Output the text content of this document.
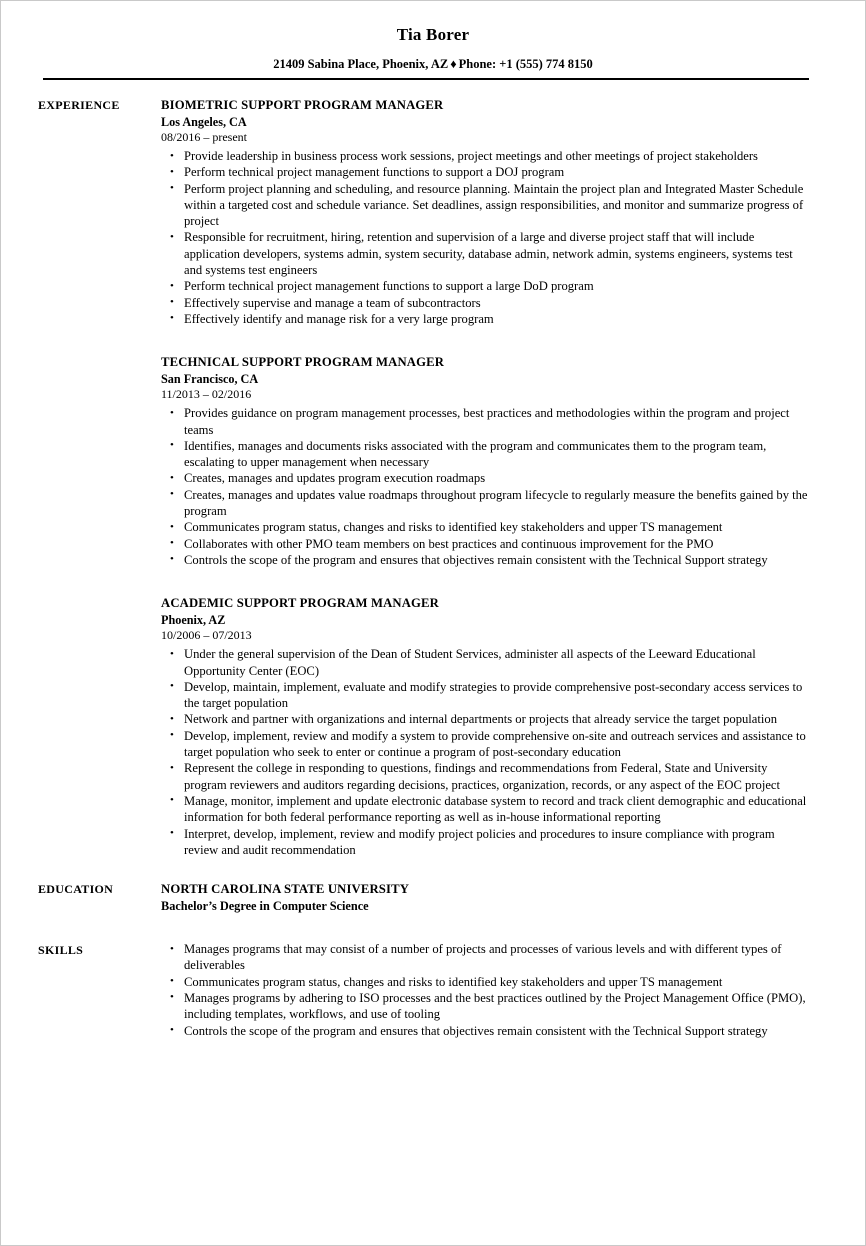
Tia Borer
21409 Sabina Place, Phoenix, AZ ♦ Phone: +1 (555) 774 8150
EXPERIENCE	BIOMETRIC SUPPORT PROGRAM MANAGER
Los Angeles, CA
08/2016 – present
• Provide leadership in business process work sessions, project meetings and other meetings of project stakeholders
• Perform technical project management functions to support a DOJ program
• Perform project planning and scheduling, and resource planning. Maintain the project plan and Integrated Master Schedule within a targeted cost and schedule variance. Set deadlines, assign responsibilities, and monitor and summarize progress of project
• Responsible for recruitment, hiring, retention and supervision of a large and diverse project staff that will include application developers, systems admin, system security, database admin, network admin, systems engineers, systems test and systems test engineers
• Perform technical project management functions to support a large DoD program
• Effectively supervise and manage a team of subcontractors
• Effectively identify and manage risk for a very large program
TECHNICAL SUPPORT PROGRAM MANAGER
San Francisco, CA
11/2013 – 02/2016
• Provides guidance on program management processes, best practices and methodologies within the program and project teams
• Identifies, manages and documents risks associated with the program and communicates them to the program team, escalating to upper management when necessary
• Creates, manages and updates program execution roadmaps
• Creates, manages and updates value roadmaps throughout program lifecycle to regularly measure the benefits gained by the program
• Communicates program status, changes and risks to identified key stakeholders and upper TS management
• Collaborates with other PMO team members on best practices and continuous improvement for the PMO
• Controls the scope of the program and ensures that objectives remain consistent with the Technical Support strategy
ACADEMIC SUPPORT PROGRAM MANAGER
Phoenix, AZ
10/2006 – 07/2013
• Under the general supervision of the Dean of Student Services, administer all aspects of the Leeward Educational Opportunity Center (EOC)
• Develop, maintain, implement, evaluate and modify strategies to provide comprehensive post-secondary access services to the target population
• Network and partner with organizations and internal departments or projects that already service the target population
• Develop, implement, review and modify a system to provide comprehensive on-site and outreach services and assistance to target population who seek to enter or continue a program of post-secondary education
• Represent the college in responding to questions, findings and recommendations from Federal, State and University program reviewers and auditors regarding decisions, practices, organization, records, or any aspect of the EOC project
• Manage, monitor, implement and update electronic database system to record and track client demographic and educational information for both federal performance reporting as well as in-house informational reporting
• Interpret, develop, implement, review and modify project policies and procedures to insure compliance with program review and audit recommendation
EDUCATION	NORTH CAROLINA STATE UNIVERSITY
Bachelor’s Degree in Computer Science
SKILLS	• Manages programs that may consist of a number of projects and processes of various levels and with different types of deliverables
• Communicates program status, changes and risks to identified key stakeholders and upper TS management
• Manages programs by adhering to ISO processes and the best practices outlined by the Project Management Office (PMO), including templates, workflows, and use of tooling
• Controls the scope of the program and ensures that objectives remain consistent with the Technical Support strategy
